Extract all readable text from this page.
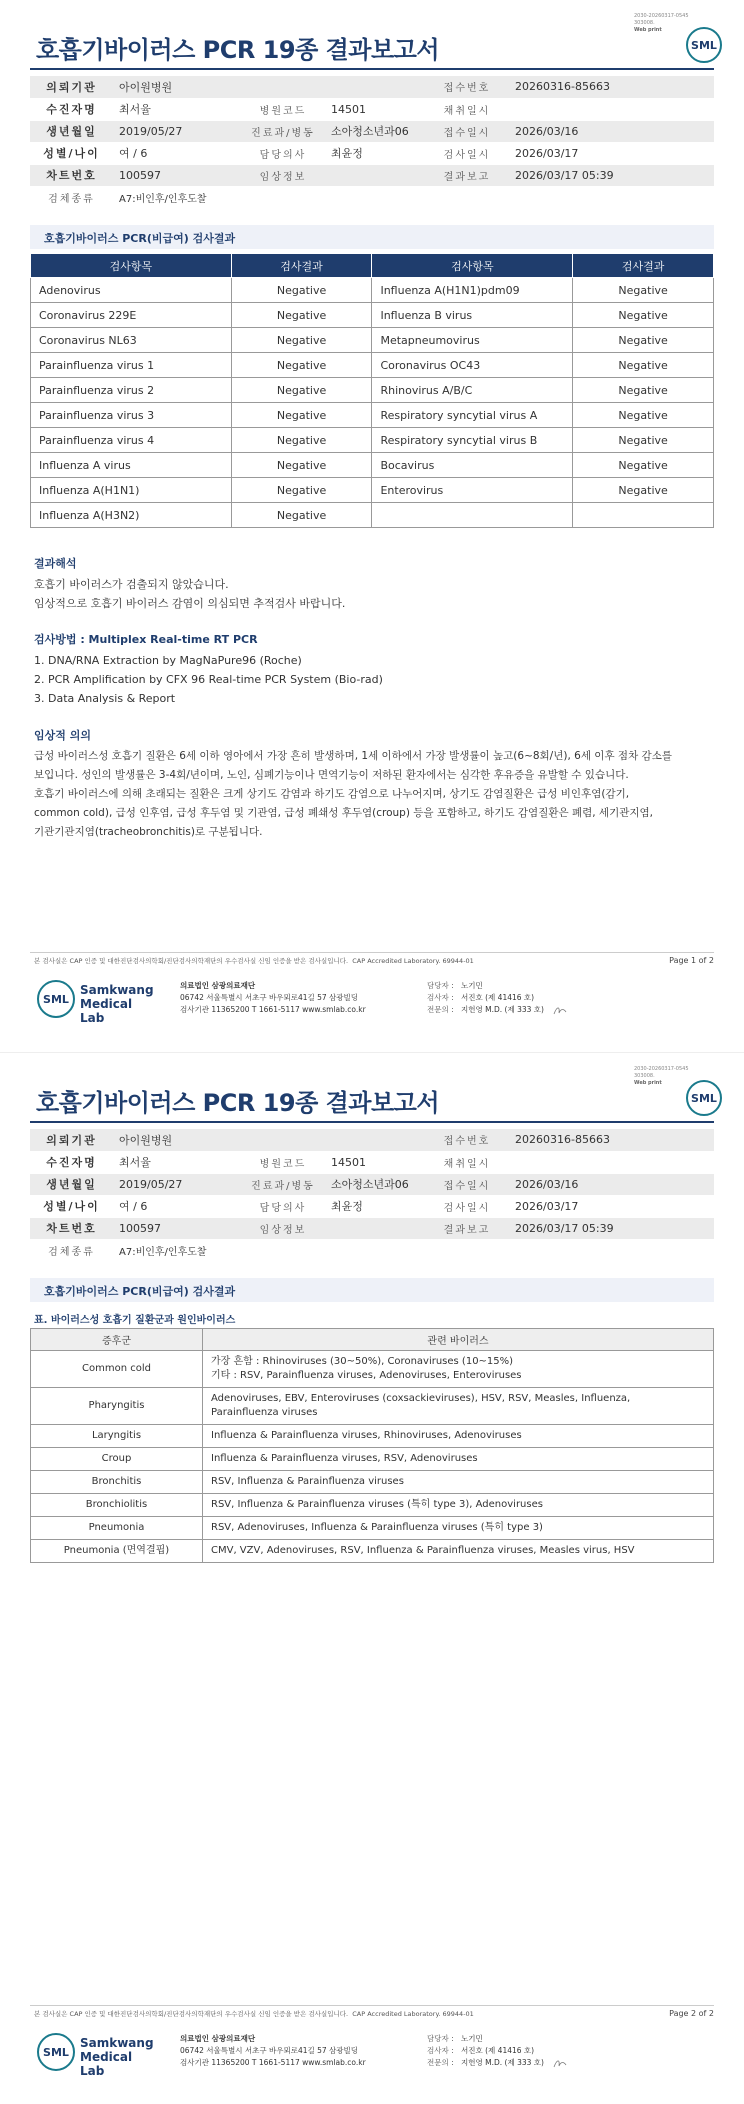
2030-20260317-0545
303008.
Web print
호흡기바이러스 PCR 19종 결과보고서	SML
의뢰기관	아이원병원			접수번호	20260316-85663
수진자명	최서율	병원코드	14501	채취일시	
생년월일	2019/05/27	진료과/병동	소아청소년과06	접수일시	2026/03/16
성별/나이	여 / 6	담당의사	최윤정	검사일시	2026/03/17
차트번호	100597	임상정보		결과보고	2026/03/17 05:39
검체종류	A7:비인후/인후도찰				
호흡기바이러스 PCR(비급여) 검사결과
검사항목	검사결과	검사항목	검사결과
Adenovirus	Negative	Influenza A(H1N1)pdm09	Negative
Coronavirus 229E	Negative	Influenza B virus	Negative
Coronavirus NL63	Negative	Metapneumovirus	Negative
Parainfluenza virus 1	Negative	Coronavirus OC43	Negative
Parainfluenza virus 2	Negative	Rhinovirus A/B/C	Negative
Parainfluenza virus 3	Negative	Respiratory syncytial virus A	Negative
Parainfluenza virus 4	Negative	Respiratory syncytial virus B	Negative
Influenza A virus	Negative	Bocavirus	Negative
Influenza A(H1N1)	Negative	Enterovirus	Negative
Influenza A(H3N2)	Negative		
결과해석

호흡기 바이러스가 검출되지 않았습니다.

임상적으로 호흡기 바이러스 감염이 의심되면 추적검사 바랍니다.

검사방법 : Multiplex Real-time RT PCR

1. DNA/RNA Extraction by MagNaPure96 (Roche)

2. PCR Amplification by CFX 96 Real-time PCR System (Bio-rad)

3. Data Analysis & Report

임상적 의의

급성 바이러스성 호흡기 질환은 6세 이하 영아에서 가장 흔히 발생하며, 1세 이하에서 가장 발생률이 높고(6~8회/년), 6세 이후 점차 감소를

보입니다. 성인의 발생률은 3-4회/년이며, 노인, 심폐기능이나 면역기능이 저하된 환자에서는 심각한 후유증을 유발할 수 있습니다.

호흡기 바이러스에 의해 초래되는 질환은 크게 상기도 감염과 하기도 감염으로 나누어지며, 상기도 감염질환은 급성 비인후염(감기,

common cold), 급성 인후염, 급성 후두염 및 기관염, 급성 폐쇄성 후두염(croup) 등을 포함하고, 하기도 감염질환은 폐렴, 세기관지염,

기관기관지염(tracheobronchitis)로 구분됩니다.

본 검사실은 CAP 인증 및 대한진단검사의학회/진단검사의학재단의 우수검사실 신임 인증을 받은 검사실입니다. CAP Accredited Laboratory. 69944-01	Page 1 of 2
SML
Samkwang
Medical Lab
의료법인 삼광의료재단
06742 서울특별시 서초구 바우뫼로41길 57 삼광빌딩
검사기관 11365200 T 1661-5117 www.smlab.co.kr
담당자 : 노기민
검사자 : 서진호 (제 41416 호)
전문의 : 지헌영 M.D. (제 333 호)
2030-20260317-0545
303008.
Web print
호흡기바이러스 PCR 19종 결과보고서	SML
의뢰기관	아이원병원			접수번호	20260316-85663
수진자명	최서율	병원코드	14501	채취일시	
생년월일	2019/05/27	진료과/병동	소아청소년과06	접수일시	2026/03/16
성별/나이	여 / 6	담당의사	최윤정	검사일시	2026/03/17
차트번호	100597	임상정보		결과보고	2026/03/17 05:39
검체종류	A7:비인후/인후도찰				
호흡기바이러스 PCR(비급여) 검사결과
표. 바이러스성 호흡기 질환군과 원인바이러스
증후군	관련 바이러스
Common cold	가장 흔함 : Rhinoviruses (30~50%), Coronaviruses (10~15%)
기타 : RSV, Parainfluenza viruses, Adenoviruses, Enteroviruses

Pharyngitis	Adenoviruses, EBV, Enteroviruses (coxsackieviruses), HSV, RSV, Measles, Influenza,
Parainfluenza viruses

Laryngitis	Influenza & Parainfluenza viruses, Rhinoviruses, Adenoviruses

Croup	Influenza & Parainfluenza viruses, RSV, Adenoviruses

Bronchitis	RSV, Influenza & Parainfluenza viruses

Bronchiolitis	RSV, Influenza & Parainfluenza viruses (특히 type 3), Adenoviruses

Pneumonia	RSV, Adenoviruses, Influenza & Parainfluenza viruses (특히 type 3)

Pneumonia (면역결핍)	CMV, VZV, Adenoviruses, RSV, Influenza & Parainfluenza viruses, Measles virus, HSV
본 검사실은 CAP 인증 및 대한진단검사의학회/진단검사의학재단의 우수검사실 신임 인증을 받은 검사실입니다. CAP Accredited Laboratory. 69944-01	Page 2 of 2
SML
Samkwang
Medical Lab
의료법인 삼광의료재단
06742 서울특별시 서초구 바우뫼로41길 57 삼광빌딩
검사기관 11365200 T 1661-5117 www.smlab.co.kr
담당자 : 노기민
검사자 : 서진호 (제 41416 호)
전문의 : 지헌영 M.D. (제 333 호)
